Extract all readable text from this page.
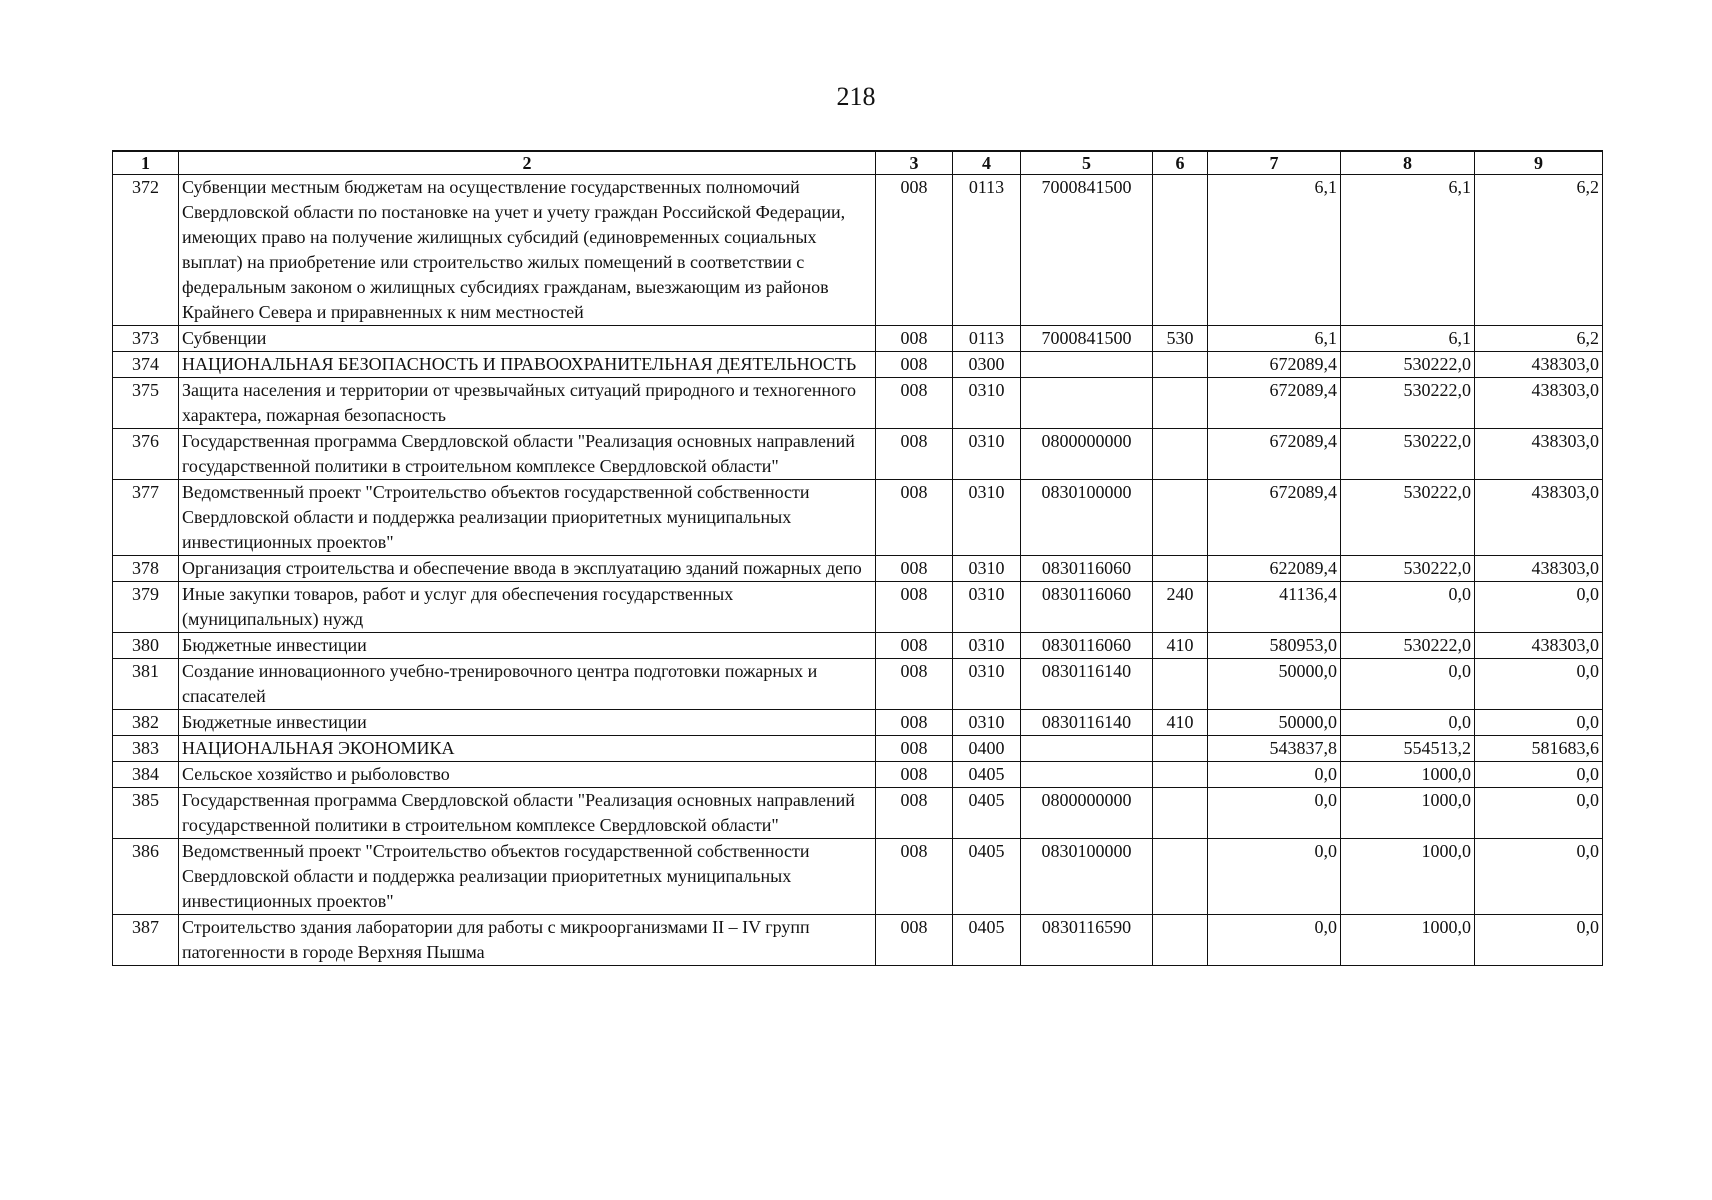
218
1	2	3	4	5	6	7	8	9
372	Субвенции местным бюджетам на осуществление государственных полномочий Свердловской области по постановке на учет и учету граждан Российской Федерации, имеющих право на получение жилищных субсидий (единовременных социальных выплат) на приобретение или строительство жилых помещений в соответствии с федеральным законом о жилищных субсидиях гражданам, выезжающим из районов Крайнего Севера и приравненных к ним местностей	008	0113	7000841500		6,1	6,1	6,2
373	Субвенции	008	0113	7000841500	530	6,1	6,1	6,2
374	НАЦИОНАЛЬНАЯ БЕЗОПАСНОСТЬ И ПРАВООХРАНИТЕЛЬНАЯ ДЕЯТЕЛЬНОСТЬ	008	0300			672089,4	530222,0	438303,0
375	Защита населения и территории от чрезвычайных ситуаций природного и техногенного характера, пожарная безопасность	008	0310			672089,4	530222,0	438303,0
376	Государственная программа Свердловской области "Реализация основных направлений государственной политики в строительном комплексе Свердловской области"	008	0310	0800000000		672089,4	530222,0	438303,0
377	Ведомственный проект "Строительство объектов государственной собственности Свердловской области и поддержка реализации приоритетных муниципальных инвестиционных проектов"	008	0310	0830100000		672089,4	530222,0	438303,0
378	Организация строительства и обеспечение ввода в эксплуатацию зданий пожарных депо	008	0310	0830116060		622089,4	530222,0	438303,0
379	Иные закупки товаров, работ и услуг для обеспечения государственных (муниципальных) нужд	008	0310	0830116060	240	41136,4	0,0	0,0
380	Бюджетные инвестиции	008	0310	0830116060	410	580953,0	530222,0	438303,0
381	Создание инновационного учебно-тренировочного центра подготовки пожарных и спасателей	008	0310	0830116140		50000,0	0,0	0,0
382	Бюджетные инвестиции	008	0310	0830116140	410	50000,0	0,0	0,0
383	НАЦИОНАЛЬНАЯ ЭКОНОМИКА	008	0400			543837,8	554513,2	581683,6
384	Сельское хозяйство и рыболовство	008	0405			0,0	1000,0	0,0
385	Государственная программа Свердловской области "Реализация основных направлений государственной политики в строительном комплексе Свердловской области"	008	0405	0800000000		0,0	1000,0	0,0
386	Ведомственный проект "Строительство объектов государственной собственности Свердловской области и поддержка реализации приоритетных муниципальных инвестиционных проектов"	008	0405	0830100000		0,0	1000,0	0,0
387	Строительство здания лаборатории для работы с микроорганизмами II – IV групп патогенности в городе Верхняя Пышма	008	0405	0830116590		0,0	1000,0	0,0
